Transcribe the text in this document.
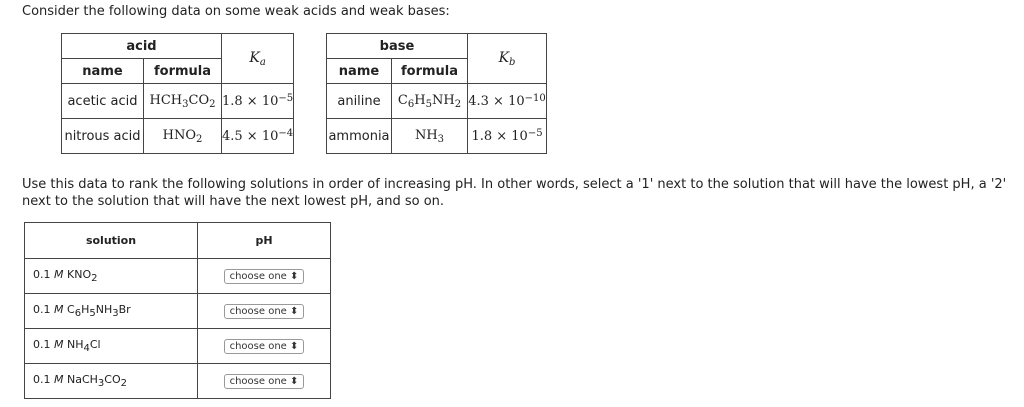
Consider the following data on some weak acids and weak bases:
acid		$K_a$
name	formula	
acetic acid	$HCH_3CO_2$	$1.8 \times 10^{-5}$
nitrous acid	$HNO_2$	$4.5 \times 10^{-4}$
base		$K_b$
name	formula	
aniline	$C_6H_5NH_2$	$4.3 \times 10^{-10}$
ammonia	$NH_3$	$1.8 \times 10^{-5}$
Use this data to rank the following solutions in order of increasing pH. In other words, select a '1' next to the solution that will have the lowest pH, a '2' next to the solution that will have the next lowest pH, and so on.
solution	pH
0.1 M $KNO_2$	choose one ⬍
0.1 M $C_6H_5NH_3Br$	choose one ⬍
0.1 M $NH_4Cl$	choose one ⬍
0.1 M $NaCH_3CO_2$	choose one ⬍
